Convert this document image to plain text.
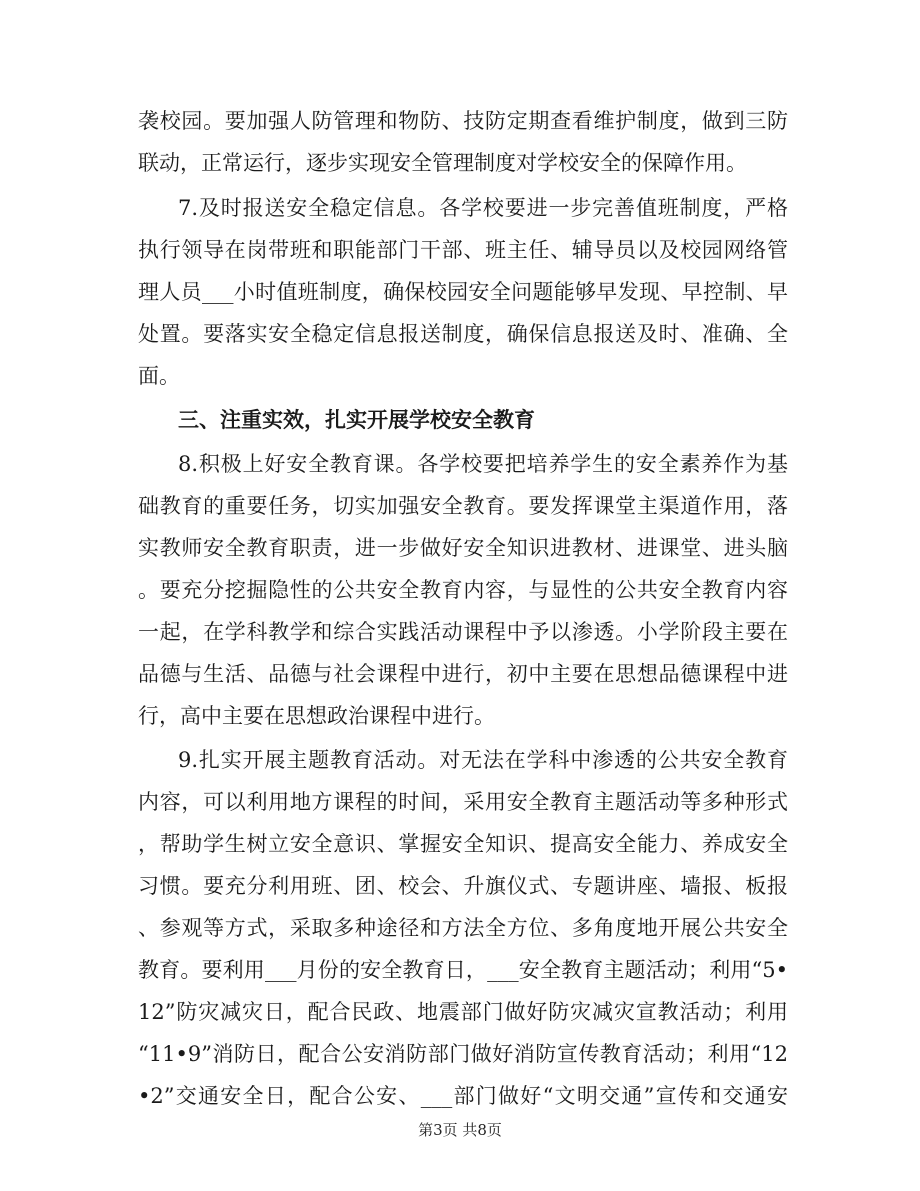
袭校园。要加强人防管理和物防、技防定期查看维护制度，做到三防
联动，正常运行，逐步实现安全管理制度对学校安全的保障作用。
7.及时报送安全稳定信息。各学校要进一步完善值班制度，严格
执行领导在岗带班和职能部门干部、班主任、辅导员以及校园网络管
理人员___小时值班制度，确保校园安全问题能够早发现、早控制、早
处置。要落实安全稳定信息报送制度，确保信息报送及时、准确、全
面。
三、注重实效，扎实开展学校安全教育
8.积极上好安全教育课。各学校要把培养学生的安全素养作为基
础教育的重要任务，切实加强安全教育。要发挥课堂主渠道作用，落
实教师安全教育职责，进一步做好安全知识进教材、进课堂、进头脑
。要充分挖掘隐性的公共安全教育内容，与显性的公共安全教育内容
一起，在学科教学和综合实践活动课程中予以渗透。小学阶段主要在
品德与生活、品德与社会课程中进行，初中主要在思想品德课程中进
行，高中主要在思想政治课程中进行。
9.扎实开展主题教育活动。对无法在学科中渗透的公共安全教育
内容，可以利用地方课程的时间，采用安全教育主题活动等多种形式
，帮助学生树立安全意识、掌握安全知识、提高安全能力、养成安全
习惯。要充分利用班、团、校会、升旗仪式、专题讲座、墙报、板报
、参观等方式，采取多种途径和方法全方位、多角度地开展公共安全
教育。要利用___月份的安全教育日，___安全教育主题活动；利用“5•
12”防灾减灾日，配合民政、地震部门做好防灾减灾宣教活动；利用
“11•9”消防日，配合公安消防部门做好消防宣传教育活动；利用“12
•2”交通安全日，配合公安、___部门做好“文明交通”宣传和交通安
第3页 共8页
